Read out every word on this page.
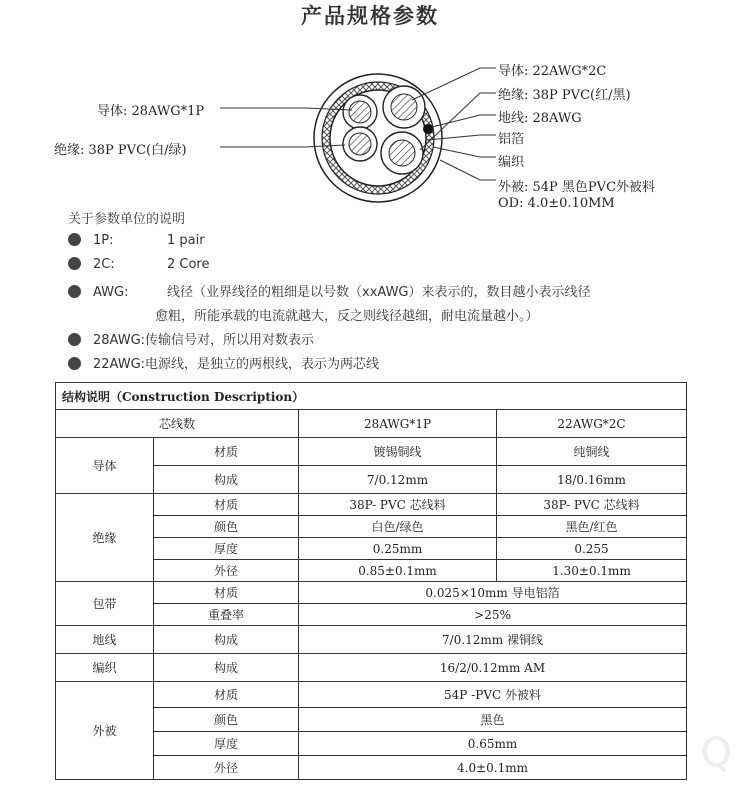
产品规格参数
导体: 28AWG*1P
绝缘: 38P PVC(白/绿)
导体: 22AWG*2C
绝缘: 38P PVC(红/黑)
地线: 28AWG
铝箔
编织
外被: 54P 黑色PVC外被料
OD: 4.0±0.10MM
关于参数单位的说明
1P:	1 pair
2C:	2 Core
AWG:	线径（业界线径的粗细是以号数（xxAWG）来表示的，数目越小表示线径
愈粗，所能承载的电流就越大，反之则线径越细，耐电流量越小。）
28AWG:传输信号对，所以用对数表示
22AWG:电源线，是独立的两根线，表示为两芯线
结构说明（Construction Description）			
芯线数		28AWG*1P	22AWG*2C
导体	材质	镀锡铜线	纯铜线
	构成	7/0.12mm	18/0.16mm
绝缘	材质	38P- PVC 芯线料	38P- PVC 芯线料
	颜色	白色/绿色	黑色/红色
	厚度	0.25mm	0.255
	外径	0.85±0.1mm	1.30±0.1mm
包带	材质	0.025×10mm 导电铝箔	
	重叠率	>25%	
地线	构成	7/0.12mm 裸铜线	
编织	构成	16/2/0.12mm AM	
外被	材质	54P -PVC 外被料	
	颜色	黑色	
	厚度	0.65mm	
	外径	4.0±0.1mm		Q
